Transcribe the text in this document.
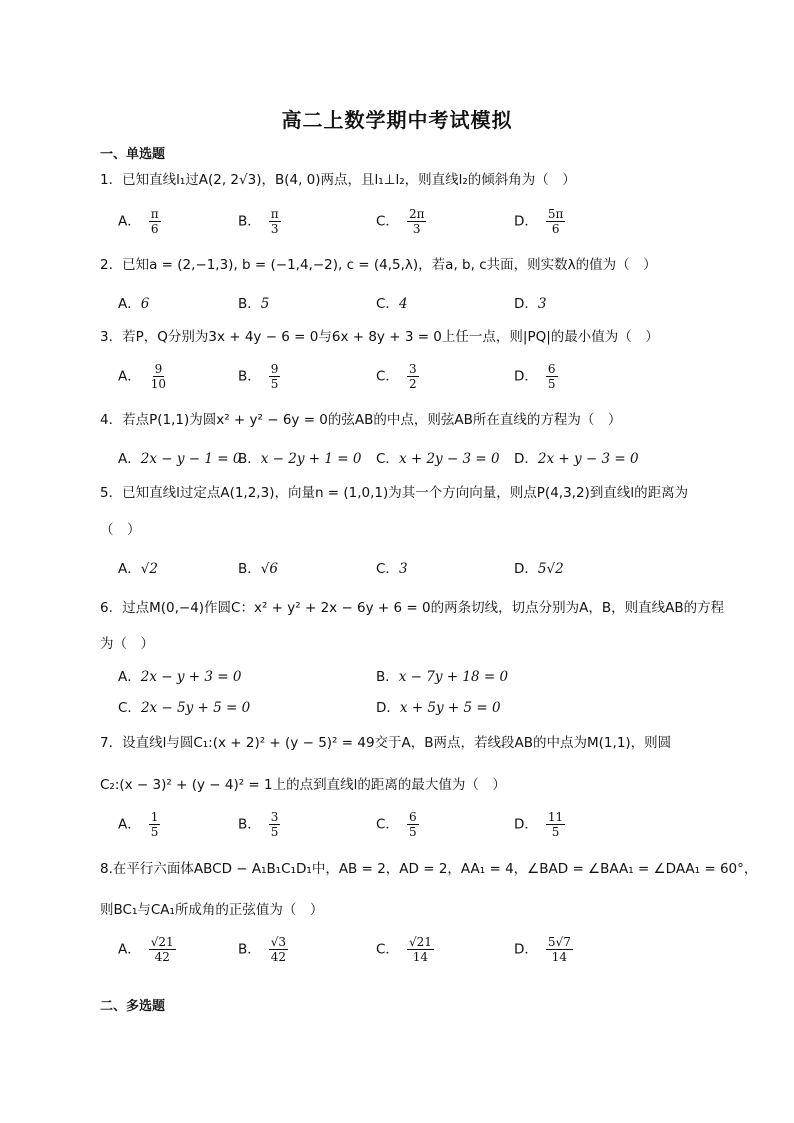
高二上数学期中考试模拟
一、单选题
1．已知直线l₁过A(2, 2√3)，B(4, 0)两点，且l₁⊥l₂，则直线l₂的倾斜角为（　）
A． $\frac{\pi}{6}$	B． $\frac{\pi}{3}$	C． $\frac{2\pi}{3}$	D． $\frac{5\pi}{6}$
2．已知a = (2,−1,3), b = (−1,4,−2), c = (4,5,λ)，若a, b, c共面，则实数λ的值为（　）
A．6	B．5	C．4	D．3
3．若P，Q分别为3x + 4y − 6 = 0与6x + 8y + 3 = 0上任一点，则|PQ|的最小值为（　）
A． $\frac{9}{10}$	B． $\frac{9}{5}$	C． $\frac{3}{2}$	D． $\frac{6}{5}$
4．若点P(1,1)为圆x² + y² − 6y = 0的弦AB的中点，则弦AB所在直线的方程为（　）
A．2x − y − 1 = 0
B．x − 2y + 1 = 0 C．x + 2y − 3 = 0 D．2x + y − 3 = 0
5．已知直线l过定点A(1,2,3)，向量n = (1,0,1)为其一个方向向量，则点P(4,3,2)到直线l的距离为
（　）
A．√2	B．√6	C．3	D．5√2
6．过点M(0,−4)作圆C：x² + y² + 2x − 6y + 6 = 0的两条切线，切点分别为A，B，则直线AB的方程
为（　）
A．2x − y + 3 = 0	B．x − 7y + 18 = 0
C．2x − 5y + 5 = 0	D．x + 5y + 5 = 0
7．设直线l与圆C₁:(x + 2)² + (y − 5)² = 49交于A，B两点，若线段AB的中点为M(1,1)，则圆
C₂:(x − 3)² + (y − 4)² = 1上的点到直线l的距离的最大值为（　）
A． $\frac{1}{5}$	B． $\frac{3}{5}$	C． $\frac{6}{5}$	D． $\frac{11}{5}$
8.在平行六面体ABCD − A₁B₁C₁D₁中，AB = 2，AD = 2，AA₁ = 4，∠BAD = ∠BAA₁ = ∠DAA₁ = 60°，
则BC₁与CA₁所成角的正弦值为（　）
A． $\frac{√21}{42}$	B． $\frac{√3}{42}$	C． $\frac{√21}{14}$	D． $\frac{5√7}{14}$
二、多选题
